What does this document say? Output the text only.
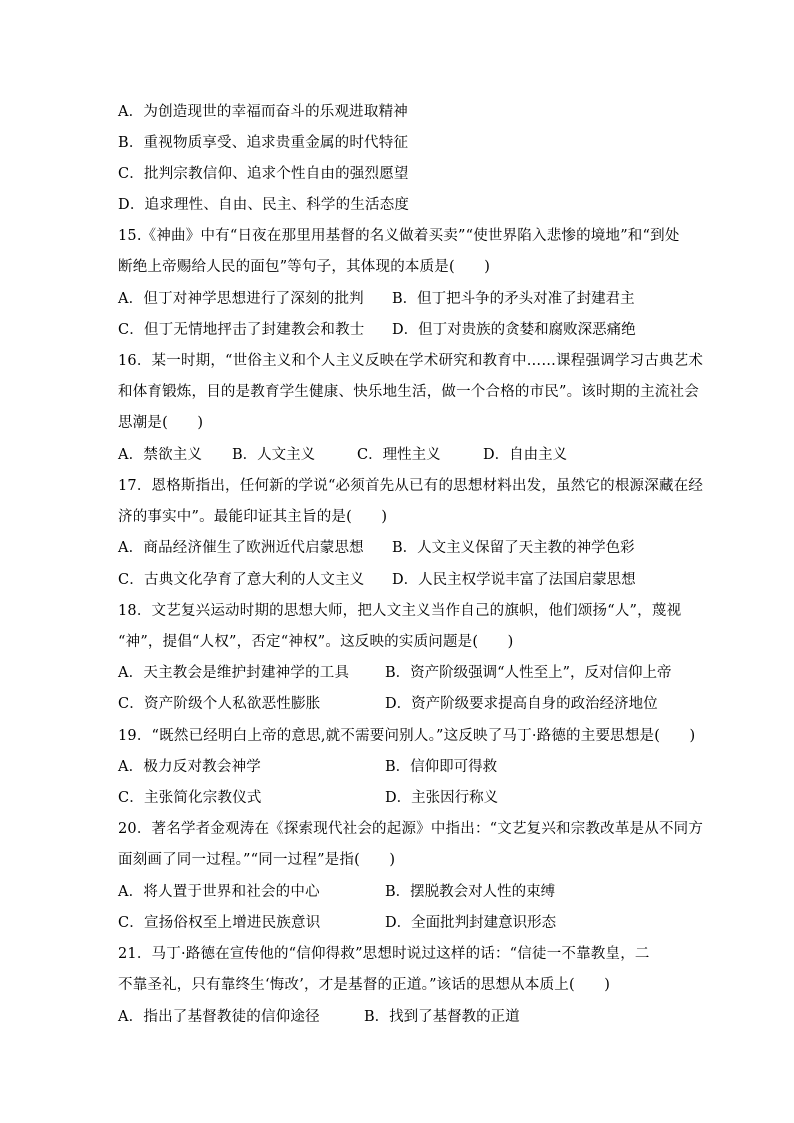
A．为创造现世的幸福而奋斗的乐观进取精神
B．重视物质享受、追求贵重金属的时代特征
C．批判宗教信仰、追求个性自由的强烈愿望
D．追求理性、自由、民主、科学的生活态度
15.《神曲》中有“日夜在那里用基督的名义做着买卖”“使世界陷入悲惨的境地”和“到处
断绝上帝赐给人民的面包”等句子，其体现的本质是(　　)
A．但丁对神学思想进行了深刻的批判 B．但丁把斗争的矛头对准了封建君主
C．但丁无情地抨击了封建教会和教士 D．但丁对贵族的贪婪和腐败深恶痛绝
16．某一时期，“世俗主义和个人主义反映在学术研究和教育中……课程强调学习古典艺术
和体育锻炼，目的是教育学生健康、快乐地生活，做一个合格的市民”。该时期的主流社会
思潮是(　　)
A．禁欲主义 B．人文主义	C．理性主义	D．自由主义
17．恩格斯指出，任何新的学说“必须首先从已有的思想材料出发，虽然它的根源深藏在经
济的事实中”。最能印证其主旨的是(　　)
A．商品经济催生了欧洲近代启蒙思想 B．人文主义保留了天主教的神学色彩
C．古典文化孕育了意大利的人文主义 D．人民主权学说丰富了法国启蒙思想
18．文艺复兴运动时期的思想大师，把人文主义当作自己的旗帜，他们颂扬“人”，蔑视
“神”，提倡“人权”，否定“神权”。这反映的实质问题是(　　)
A．天主教会是维护封建神学的工具 B．资产阶级强调“人性至上”，反对信仰上帝
C．资产阶级个人私欲恶性膨胀	D．资产阶级要求提高自身的政治经济地位
19．“既然已经明白上帝的意思,就不需要问别人。”这反映了马丁·路德的主要思想是(　　)
A．极力反对教会神学	B．信仰即可得救
C．主张简化宗教仪式	D．主张因行称义
20．著名学者金观涛在《探索现代社会的起源》中指出：“文艺复兴和宗教改革是从不同方
面刻画了同一过程。”“同一过程”是指(　　)
A．将人置于世界和社会的中心	B．摆脱教会对人性的束缚
C．宣扬俗权至上增进民族意识	D．全面批判封建意识形态
21．马丁·路德在宣传他的“信仰得救”思想时说过这样的话：“信徒一不靠教皇，二
不靠圣礼，只有靠终生‘悔改’，才是基督的正道。”该话的思想从本质上(　　)
A．指出了基督教徒的信仰途径	B．找到了基督教的正道
